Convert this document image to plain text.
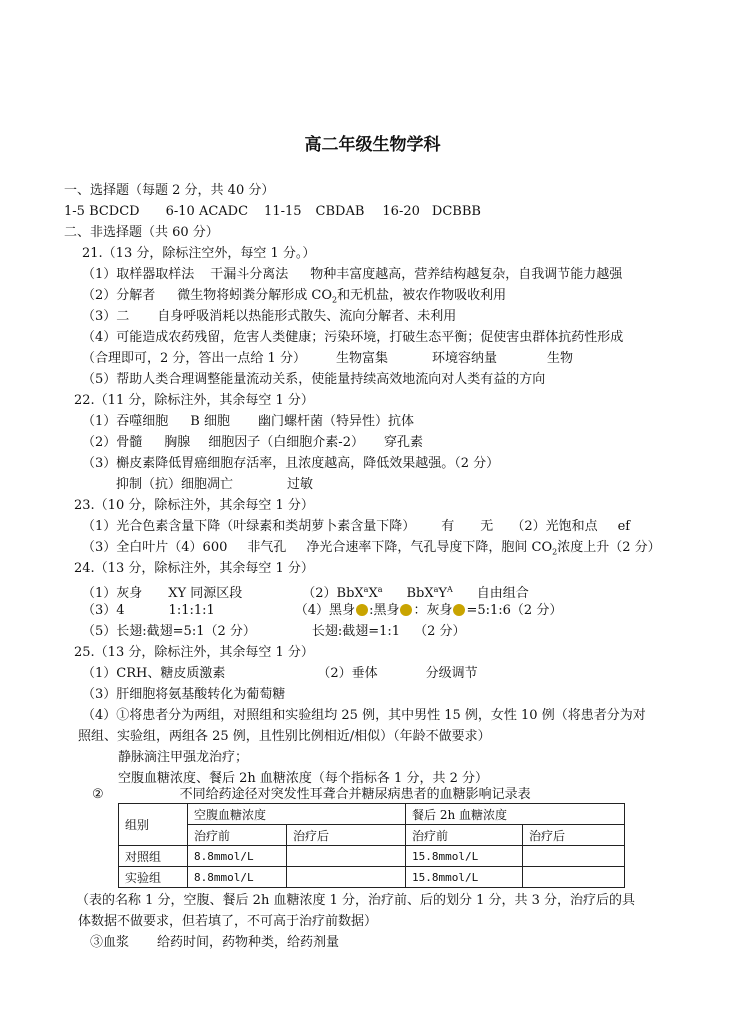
高二年级生物学科
一、选择题（每题 2 分，共 40 分）
1-5 BCDCD 6-10 ACADC 11-15 CBDAB 16-20 DCBBB
二、非选择题（共 60 分）
21.（13 分，除标注空外，每空 1 分。）
（1）取样器取样法 干漏斗分离法 物种丰富度越高，营养结构越复杂，自我调节能力越强
（2）分解者 微生物将蚓粪分解形成 $CO_2$和无机盐，被农作物吸收利用
（3）二 自身呼吸消耗以热能形式散失、流向分解者、未利用
（4）可能造成农药残留，危害人类健康；污染环境，打破生态平衡；促使害虫群体抗药性形成
（合理即可，2 分，答出一点给 1 分） 生物富集	环境容纳量	生物
（5）帮助人类合理调整能量流动关系，使能量持续高效地流向对人类有益的方向
22.（11 分，除标注外，其余每空 1 分）
（1）吞噬细胞 B 细胞 幽门螺杆菌（特异性）抗体
（2）骨髓 胸腺 细胞因子（白细胞介素-2） 穿孔素
（3）槲皮素降低胃癌细胞存活率，且浓度越高，降低效果越强。（2 分）
抑制（抗）细胞凋亡	过敏
23.（10 分，除标注外，其余每空 1 分）
（1）光合色素含量下降（叶绿素和类胡萝卜素含量下降） 有 无 （2）光饱和点 ef
（3）全白叶片（4）600 非气孔 净光合速率下降，气孔导度下降，胞间 $CO_2$浓度上升（2 分）
24.（13 分，除标注外，其余每空 1 分）
（1）灰身 XY 同源区段	$(2)BbX^aX^a$ $BbX^aY^A$ 自由组合
（3）4	1:1:1:1	（4）黑身 :黑身 ：灰身 =5:1:6（2 分）
（5）长翅:截翅=5:1（2 分）	长翅:截翅=1:1 （2 分）
25.（13 分，除标注外，其余每空 1 分）
（1）CRH、糖皮质激素	（2）垂体	分级调节
（3）肝细胞将氨基酸转化为葡萄糖
（4）①将患者分为两组，对照组和实验组均 25 例，其中男性 15 例，女性 10 例（将患者分为对
照组、实验组，两组各 25 例，且性别比例相近/相似）（年龄不做要求）
静脉滴注甲强龙治疗；
空腹血糖浓度、餐后 2h 血糖浓度（每个指标各 1 分，共 2 分）
②	不同给药途径对突发性耳聋合并糖尿病患者的血糖影响记录表
组别	空腹血糖浓度		餐后 2h 血糖浓度	
	治疗前	治疗后	治疗前	治疗后
对照组	8.8mmol/L		15.8mmol/L	
实验组	8.8mmol/L		15.8mmol/L	
（表的名称 1 分，空腹、餐后 2h 血糖浓度 1 分，治疗前、后的划分 1 分，共 3 分，治疗后的具
体数据不做要求，但若填了，不可高于治疗前数据）
③血浆 给药时间，药物种类，给药剂量
